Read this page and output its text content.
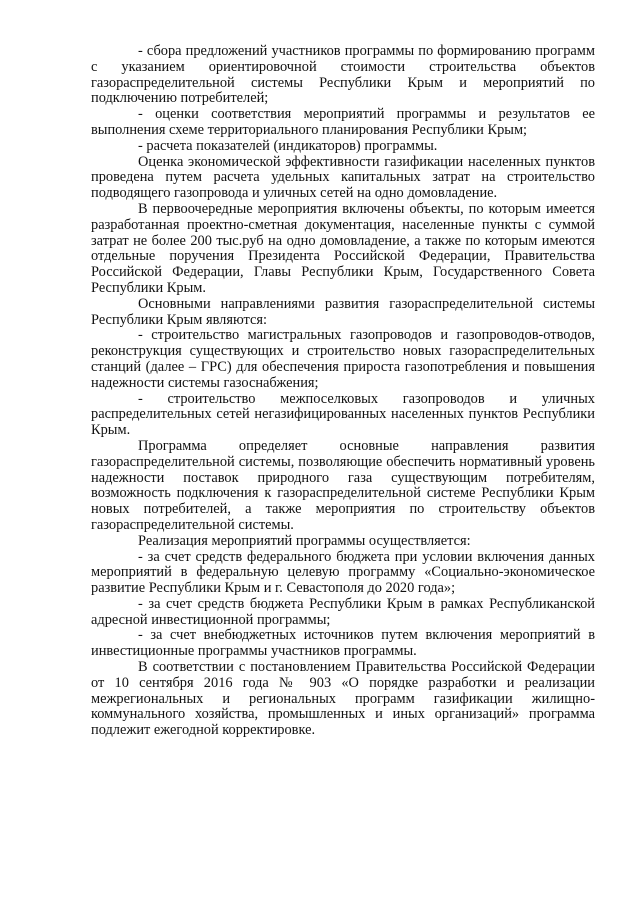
- сбора предложений участников программы по формированию программ с указанием ориентировочной стоимости строительства объектов газораспределительной системы Республики Крым и мероприятий по подключению потребителей;

- оценки соответствия мероприятий программы и результатов ее выполнения схеме территориального планирования Республики Крым;

- расчета показателей (индикаторов) программы.

Оценка экономической эффективности газификации населенных пунктов проведена путем расчета удельных капитальных затрат на строительство подводящего газопровода и уличных сетей на одно домовладение.

В первоочередные мероприятия включены объекты, по которым имеется разработанная проектно-сметная документация, населенные пункты с суммой затрат не более 200 тыс.руб на одно домовладение, а также по которым имеются отдельные поручения Президента Российской Федерации, Правительства Российской Федерации, Главы Республики Крым, Государственного Совета Республики Крым.

Основными направлениями развития газораспределительной системы Республики Крым являются:

- строительство магистральных газопроводов и газопроводов-отводов, реконструкция существующих и строительство новых газораспределительных станций (далее – ГРС) для обеспечения прироста газопотребления и повышения надежности системы газоснабжения;

- строительство межпоселковых газопроводов и уличных распределительных сетей негазифицированных населенных пунктов Республики Крым.

Программа определяет основные направления развития газораспределительной системы, позволяющие обеспечить нормативный уровень надежности поставок природного газа существующим потребителям, возможность подключения к газораспределительной системе Республики Крым новых потребителей, а также мероприятия по строительству объектов газораспределительной системы.

Реализация мероприятий программы осуществляется:

- за счет средств федерального бюджета при условии включения данных мероприятий в федеральную целевую программу «Социально-экономическое развитие Республики Крым и г. Севастополя до 2020 года»;

- за счет средств бюджета Республики Крым в рамках Республиканской адресной инвестиционной программы;

- за счет внебюджетных источников путем включения мероприятий в инвестиционные программы участников программы.

В соответствии с постановлением Правительства Российской Федерации от 10 сентября 2016 года № 903 «О порядке разработки и реализации межрегиональных и региональных программ газификации жилищно-коммунального хозяйства, промышленных и иных организаций» программа подлежит ежегодной корректировке.
